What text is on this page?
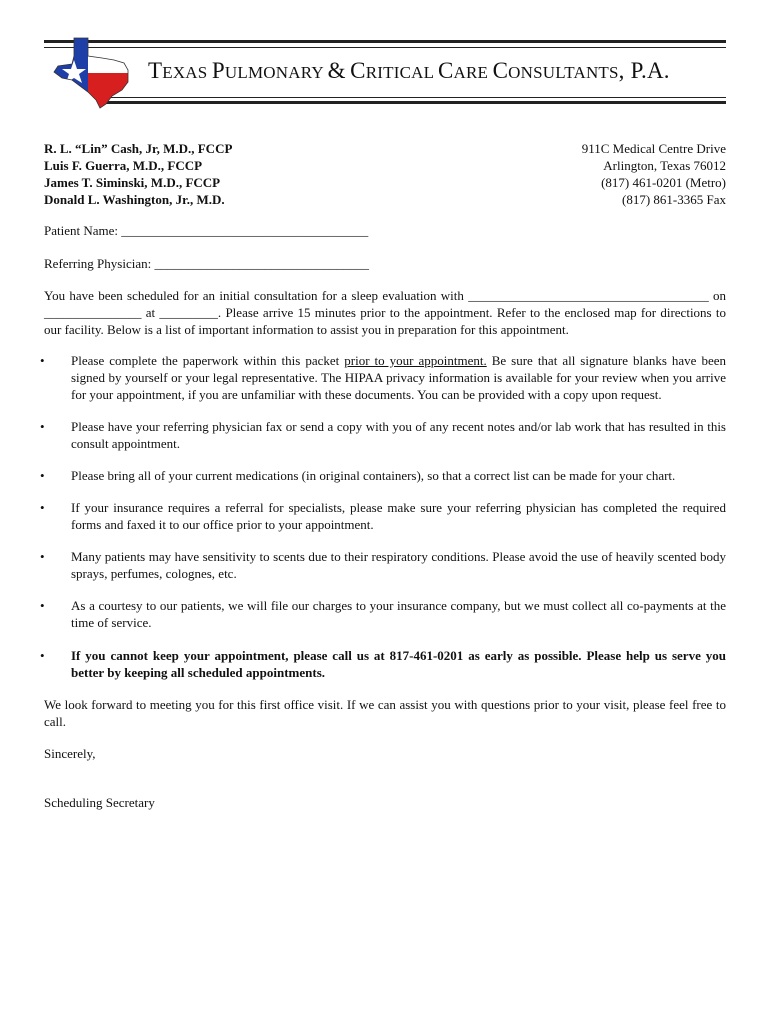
TEXAS PULMONARY & CRITICAL CARE CONSULTANTS, P.A.
R. L. “Lin” Cash, Jr, M.D., FCCP
Luis F. Guerra, M.D., FCCP
James T. Siminski, M.D., FCCP
Donald L. Washington, Jr., M.D.
911C Medical Centre Drive
Arlington, Texas 76012
(817) 461-0201 (Metro)
(817) 861-3365 Fax
Patient Name: ______________________________________
Referring Physician: _________________________________
You have been scheduled for an initial consultation for a sleep evaluation with _____________________________________ on _______________ at _________. Please arrive 15 minutes prior to the appointment. Refer to the enclosed map for directions to our facility. Below is a list of important information to assist you in preparation for this appointment.
• Please complete the paperwork within this packet prior to your appointment. Be sure that all signature blanks have been signed by yourself or your legal representative. The HIPAA privacy information is available for your review when you arrive for your appointment, if you are unfamiliar with these documents. You can be provided with a copy upon request.
• Please have your referring physician fax or send a copy with you of any recent notes and/or lab work that has resulted in this consult appointment.
• Please bring all of your current medications (in original containers), so that a correct list can be made for your chart.
• If your insurance requires a referral for specialists, please make sure your referring physician has completed the required forms and faxed it to our office prior to your appointment.
• Many patients may have sensitivity to scents due to their respiratory conditions. Please avoid the use of heavily scented body sprays, perfumes, colognes, etc.
• As a courtesy to our patients, we will file our charges to your insurance company, but we must collect all co-payments at the time of service.
• If you cannot keep your appointment, please call us at 817-461-0201 as early as possible. Please help us serve you better by keeping all scheduled appointments.
We look forward to meeting you for this first office visit. If we can assist you with questions prior to your visit, please feel free to call.
Sincerely,
Scheduling Secretary
